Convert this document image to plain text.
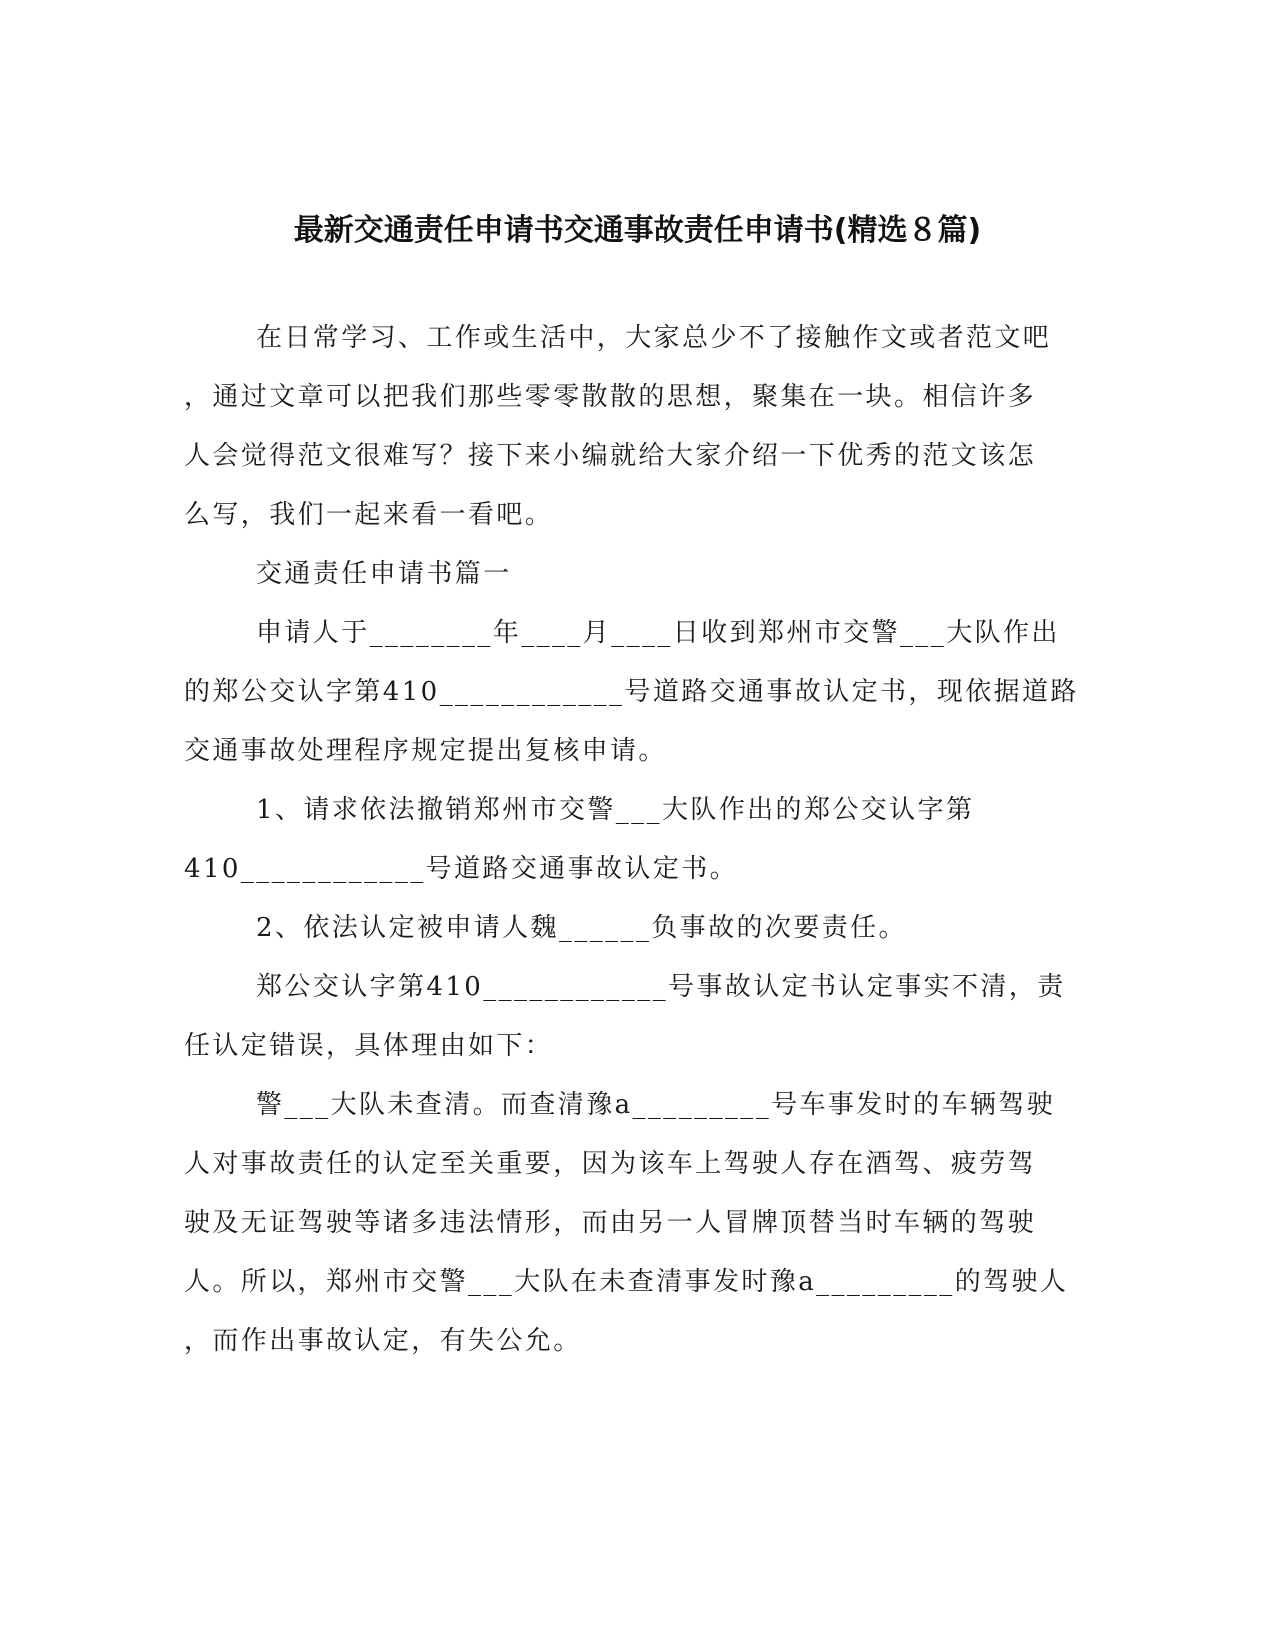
最新交通责任申请书交通事故责任申请书(精选８篇)
在日常学习、工作或生活中，大家总少不了接触作文或者范文吧
，通过文章可以把我们那些零零散散的思想，聚集在一块。相信许多
人会觉得范文很难写？接下来小编就给大家介绍一下优秀的范文该怎
么写，我们一起来看一看吧。
交通责任申请书篇一
申请人于________年____月____日收到郑州市交警___大队作出
的郑公交认字第410____________号道路交通事故认定书，现依据道路
交通事故处理程序规定提出复核申请。
1、请求依法撤销郑州市交警___大队作出的郑公交认字第
410____________号道路交通事故认定书。
2、依法认定被申请人魏______负事故的次要责任。
郑公交认字第410____________号事故认定书认定事实不清，责
任认定错误，具体理由如下：
警___大队未查清。而查清豫a_________号车事发时的车辆驾驶
人对事故责任的认定至关重要，因为该车上驾驶人存在酒驾、疲劳驾
驶及无证驾驶等诸多违法情形，而由另一人冒牌顶替当时车辆的驾驶
人。所以，郑州市交警___大队在未查清事发时豫a_________的驾驶人
，而作出事故认定，有失公允。
